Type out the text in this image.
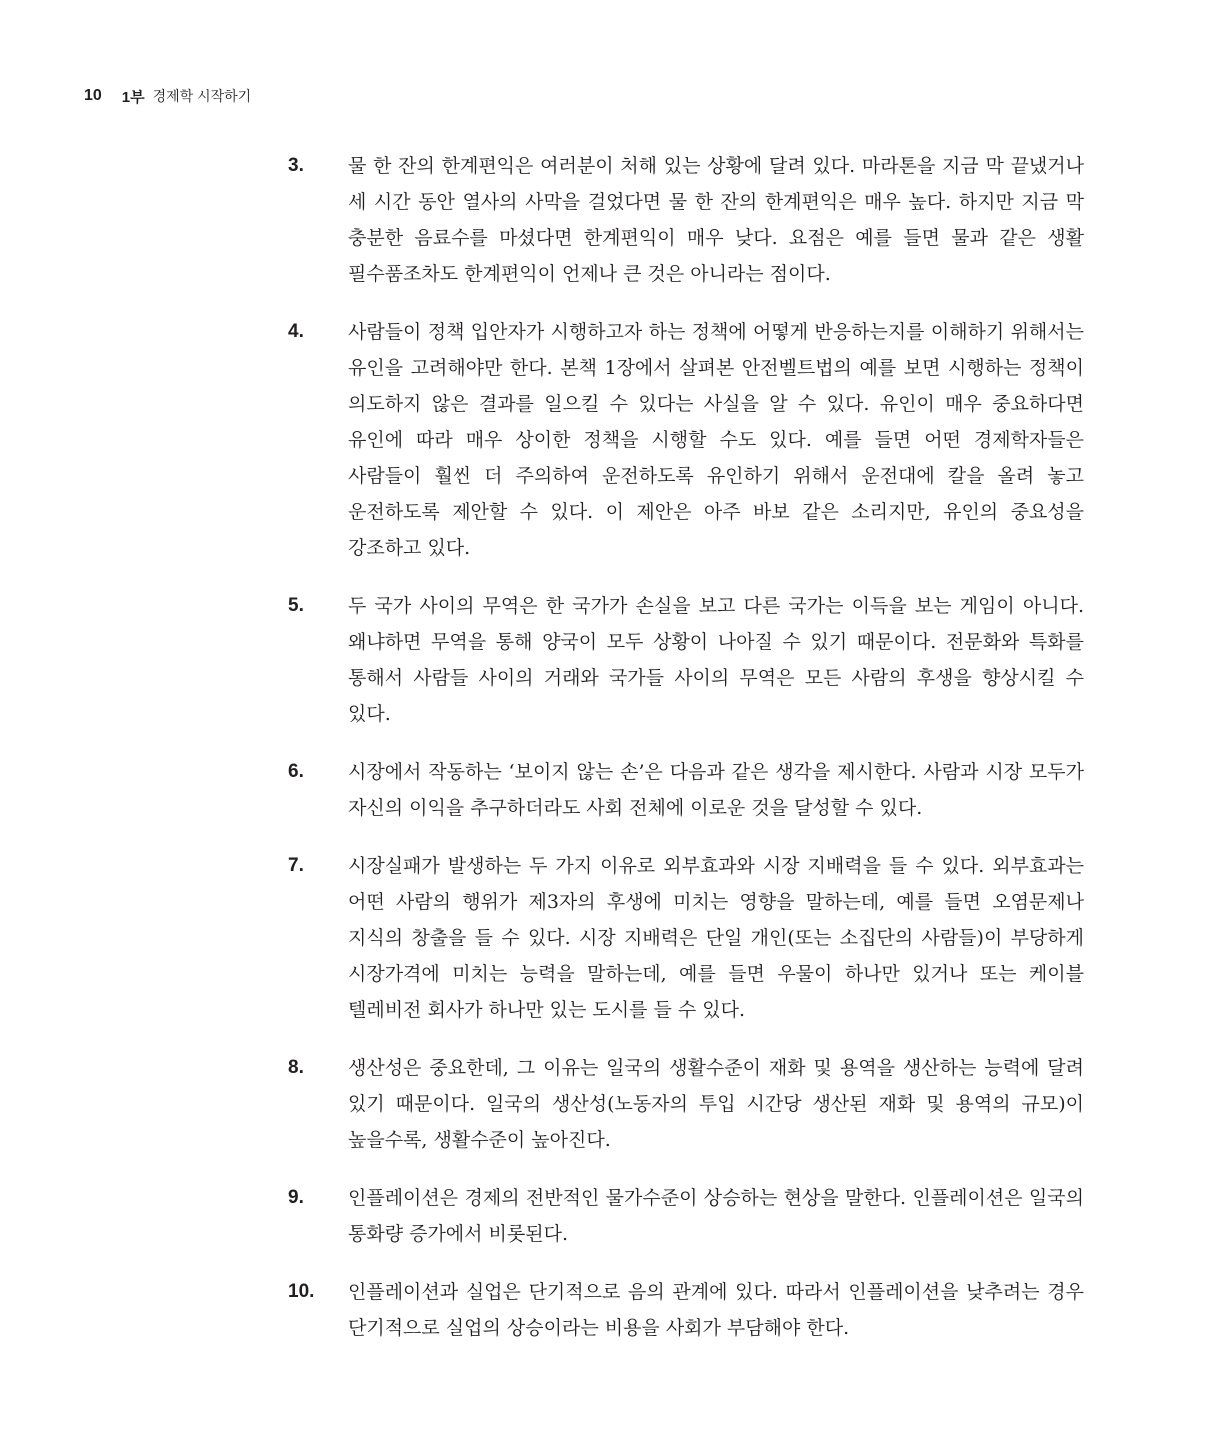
10 1부 경제학 시작하기
3.	물 한 잔의 한계편익은 여러분이 처해 있는 상황에 달려 있다. 마라톤을 지금 막 끝냈거나 세 시간 동안 열사의 사막을 걸었다면 물 한 잔의 한계편익은 매우 높다. 하지만 지금 막 충분한 음료수를 마셨다면 한계편익이 매우 낮다. 요점은 예를 들면 물과 같은 생활 필수품조차도 한계편익이 언제나 큰 것은 아니라는 점이다.

4.	사람들이 정책 입안자가 시행하고자 하는 정책에 어떻게 반응하는지를 이해하기 위해서는 유인을 고려해야만 한다. 본책 1장에서 살펴본 안전벨트법의 예를 보면 시행하는 정책이 의도하지 않은 결과를 일으킬 수 있다는 사실을 알 수 있다. 유인이 매우 중요하다면 유인에 따라 매우 상이한 정책을 시행할 수도 있다. 예를 들면 어떤 경제학자들은 사람들이 훨씬 더 주의하여 운전하도록 유인하기 위해서 운전대에 칼을 올려 놓고 운전하도록 제안할 수 있다. 이 제안은 아주 바보 같은 소리지만, 유인의 중요성을 강조하고 있다.

5.	두 국가 사이의 무역은 한 국가가 손실을 보고 다른 국가는 이득을 보는 게임이 아니다. 왜냐하면 무역을 통해 양국이 모두 상황이 나아질 수 있기 때문이다. 전문화와 특화를 통해서 사람들 사이의 거래와 국가들 사이의 무역은 모든 사람의 후생을 향상시킬 수 있다.

6.	시장에서 작동하는 ‘보이지 않는 손’은 다음과 같은 생각을 제시한다. 사람과 시장 모두가 자신의 이익을 추구하더라도 사회 전체에 이로운 것을 달성할 수 있다.

7.	시장실패가 발생하는 두 가지 이유로 외부효과와 시장 지배력을 들 수 있다. 외부효과는 어떤 사람의 행위가 제3자의 후생에 미치는 영향을 말하는데, 예를 들면 오염문제나 지식의 창출을 들 수 있다. 시장 지배력은 단일 개인(또는 소집단의 사람들)이 부당하게 시장가격에 미치는 능력을 말하는데, 예를 들면 우물이 하나만 있거나 또는 케이블 텔레비전 회사가 하나만 있는 도시를 들 수 있다.

8.	생산성은 중요한데, 그 이유는 일국의 생활수준이 재화 및 용역을 생산하는 능력에 달려 있기 때문이다. 일국의 생산성(노동자의 투입 시간당 생산된 재화 및 용역의 규모)이 높을수록, 생활수준이 높아진다.

9.	인플레이션은 경제의 전반적인 물가수준이 상승하는 현상을 말한다. 인플레이션은 일국의 통화량 증가에서 비롯된다.

10.	인플레이션과 실업은 단기적으로 음의 관계에 있다. 따라서 인플레이션을 낮추려는 경우 단기적으로 실업의 상승이라는 비용을 사회가 부담해야 한다.
